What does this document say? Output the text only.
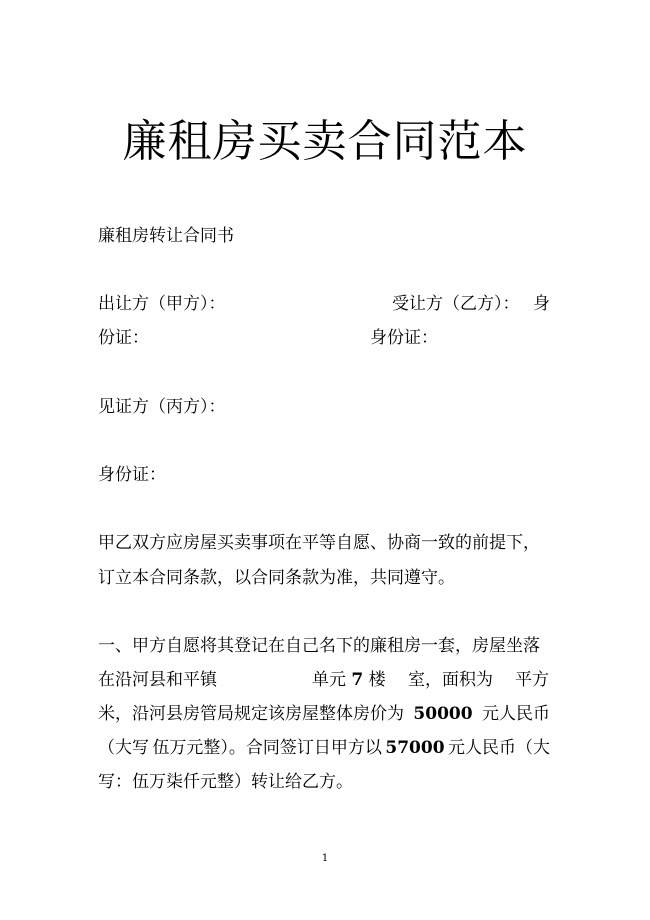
廉租房买卖合同范本
廉租房转让合同书
出让方（甲方）：	受让方（乙方）： 身
份证：	身份证：
见证方（丙方）：
身份证：
甲乙双方应房屋买卖事项在平等自愿、协商一致的前提下，
订立本合同条款，以合同条款为准，共同遵守。
一、甲方自愿将其登记在自己名下的廉租房一套，房屋坐落
在沿河县和平镇	单元 7 楼 室，面积为 平方
米，沿河县房管局规定该房屋整体房价为 50000 元人民币
（大写 伍万元整）。合同签订日甲方以 57000 元人民币（大
写：伍万柒仟元整）转让给乙方。
1
